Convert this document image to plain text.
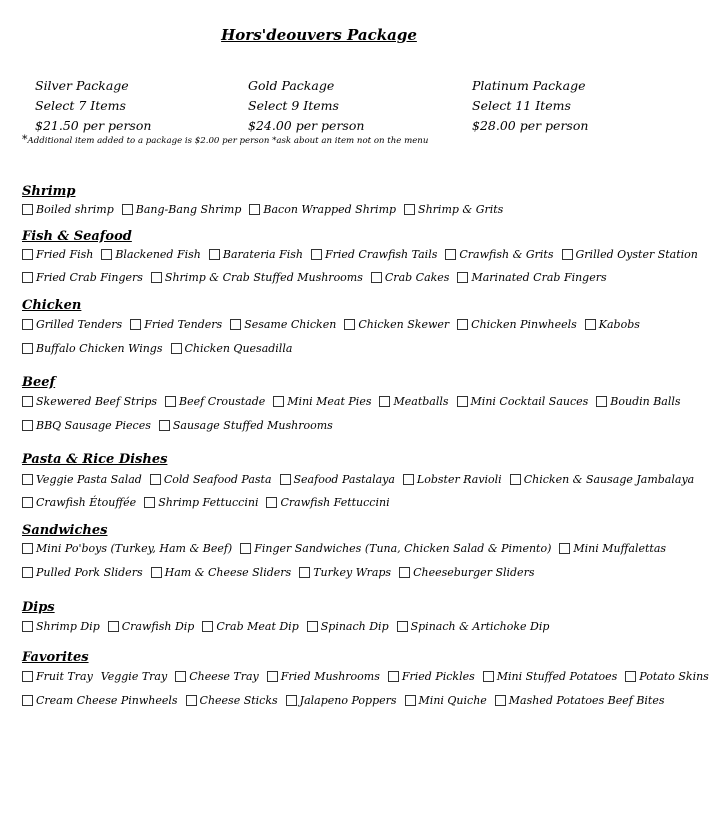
Hors'deouvers Package
Silver Package
Select 7 Items
$21.50 per person
Gold Package
Select 9 Items
$24.00 per person
Platinum Package
Select 11 Items
$28.00 per person
*Additional item added to a package is $2.00 per person *ask about an item not on the menu
Shrimp
Boiled shrimp Bang-Bang Shrimp Bacon Wrapped Shrimp Shrimp & Grits
Fish & Seafood
Fried Fish Blackened Fish Barateria Fish Fried Crawfish Tails Crawfish & Grits Grilled Oyster Station
Fried Crab Fingers Shrimp & Crab Stuffed Mushrooms Crab Cakes Marinated Crab Fingers
Chicken
Grilled Tenders Fried Tenders Sesame Chicken Chicken Skewer Chicken Pinwheels Kabobs
Buffalo Chicken Wings Chicken Quesadilla
Beef
Skewered Beef Strips Beef Croustade Mini Meat Pies Meatballs Mini Cocktail Sauces Boudin Balls
BBQ Sausage Pieces Sausage Stuffed Mushrooms
Pasta & Rice Dishes
Veggie Pasta Salad Cold Seafood Pasta Seafood Pastalaya Lobster Ravioli Chicken & Sausage Jambalaya
Crawfish Étouffée Shrimp Fettuccini Crawfish Fettuccini
Sandwiches
Mini Po'boys (Turkey, Ham & Beef) Finger Sandwiches (Tuna, Chicken Salad & Pimento) Mini Muffalettas
Pulled Pork Sliders Ham & Cheese Sliders Turkey Wraps Cheeseburger Sliders
Dips
Shrimp Dip Crawfish Dip Crab Meat Dip Spinach Dip Spinach & Artichoke Dip
Favorites
Fruit Tray Veggie Tray Cheese Tray Fried Mushrooms Fried Pickles Mini Stuffed Potatoes Potato Skins
Cream Cheese Pinwheels Cheese Sticks Jalapeno Poppers Mini Quiche Mashed Potatoes Beef Bites
